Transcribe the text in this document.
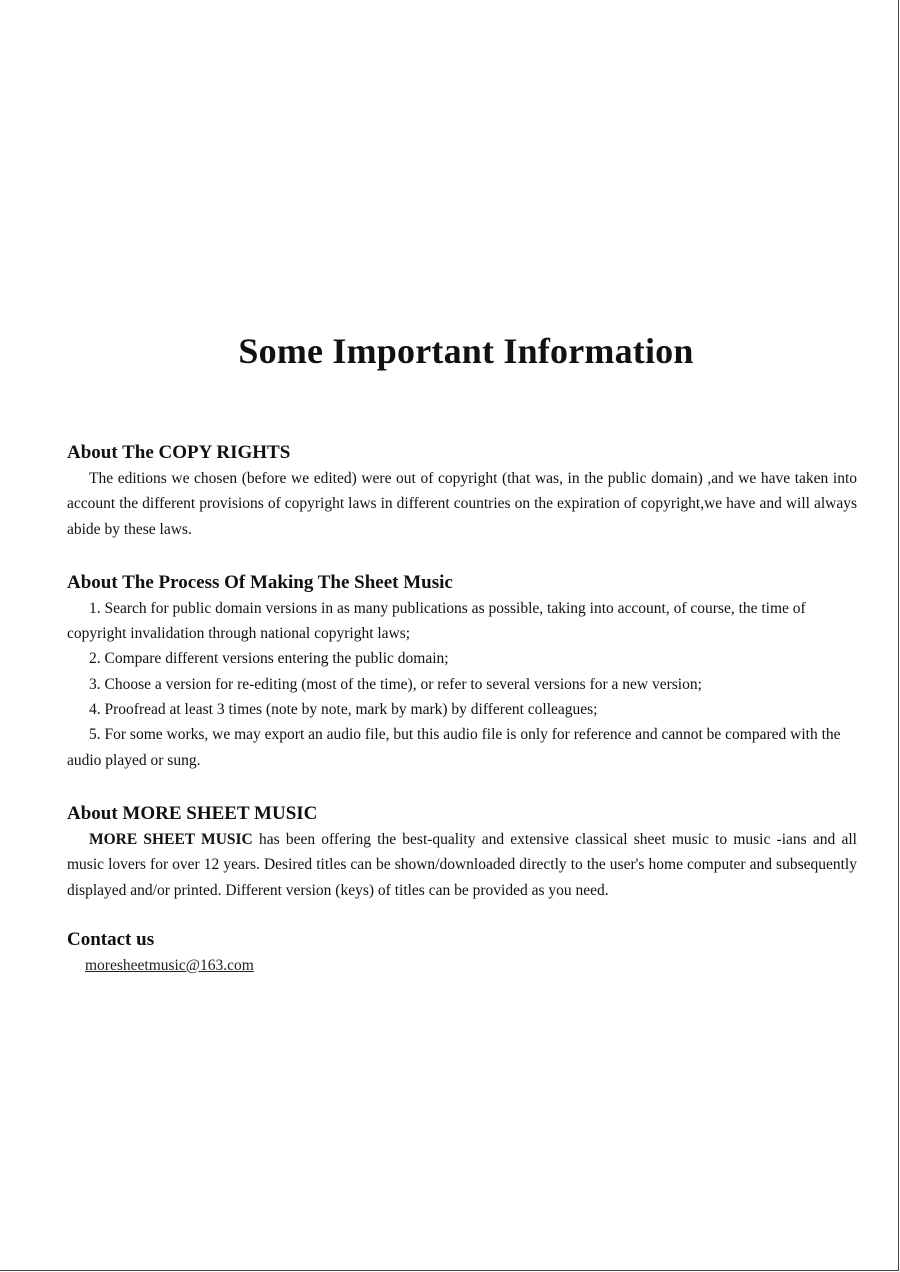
Some Important Information

About The COPY RIGHTS

The editions we chosen (before we edited) were out of copyright (that was, in the public domain) ,and we have taken into account the different provisions of copyright laws in different countries on the expiration of copyright,we have and will always abide by these laws.

About The Process Of Making The Sheet Music

1. Search for public domain versions in as many publications as possible, taking into account, of course, the time of copyright invalidation through national copyright laws;

2. Compare different versions entering the public domain;

3. Choose a version for re-editing (most of the time), or refer to several versions for a new version;

4. Proofread at least 3 times (note by note, mark by mark) by different colleagues;

5. For some works, we may export an audio file, but this audio file is only for reference and cannot be compared with the audio played or sung.

About MORE SHEET MUSIC

MORE SHEET MUSIC has been offering the best-quality and extensive classical sheet music to music -ians and all music lovers for over 12 years. Desired titles can be shown/downloaded directly to the user's home computer and subsequently displayed and/or printed. Different version (keys) of titles can be provided as you need.

Contact us

moresheetmusic@163.com
